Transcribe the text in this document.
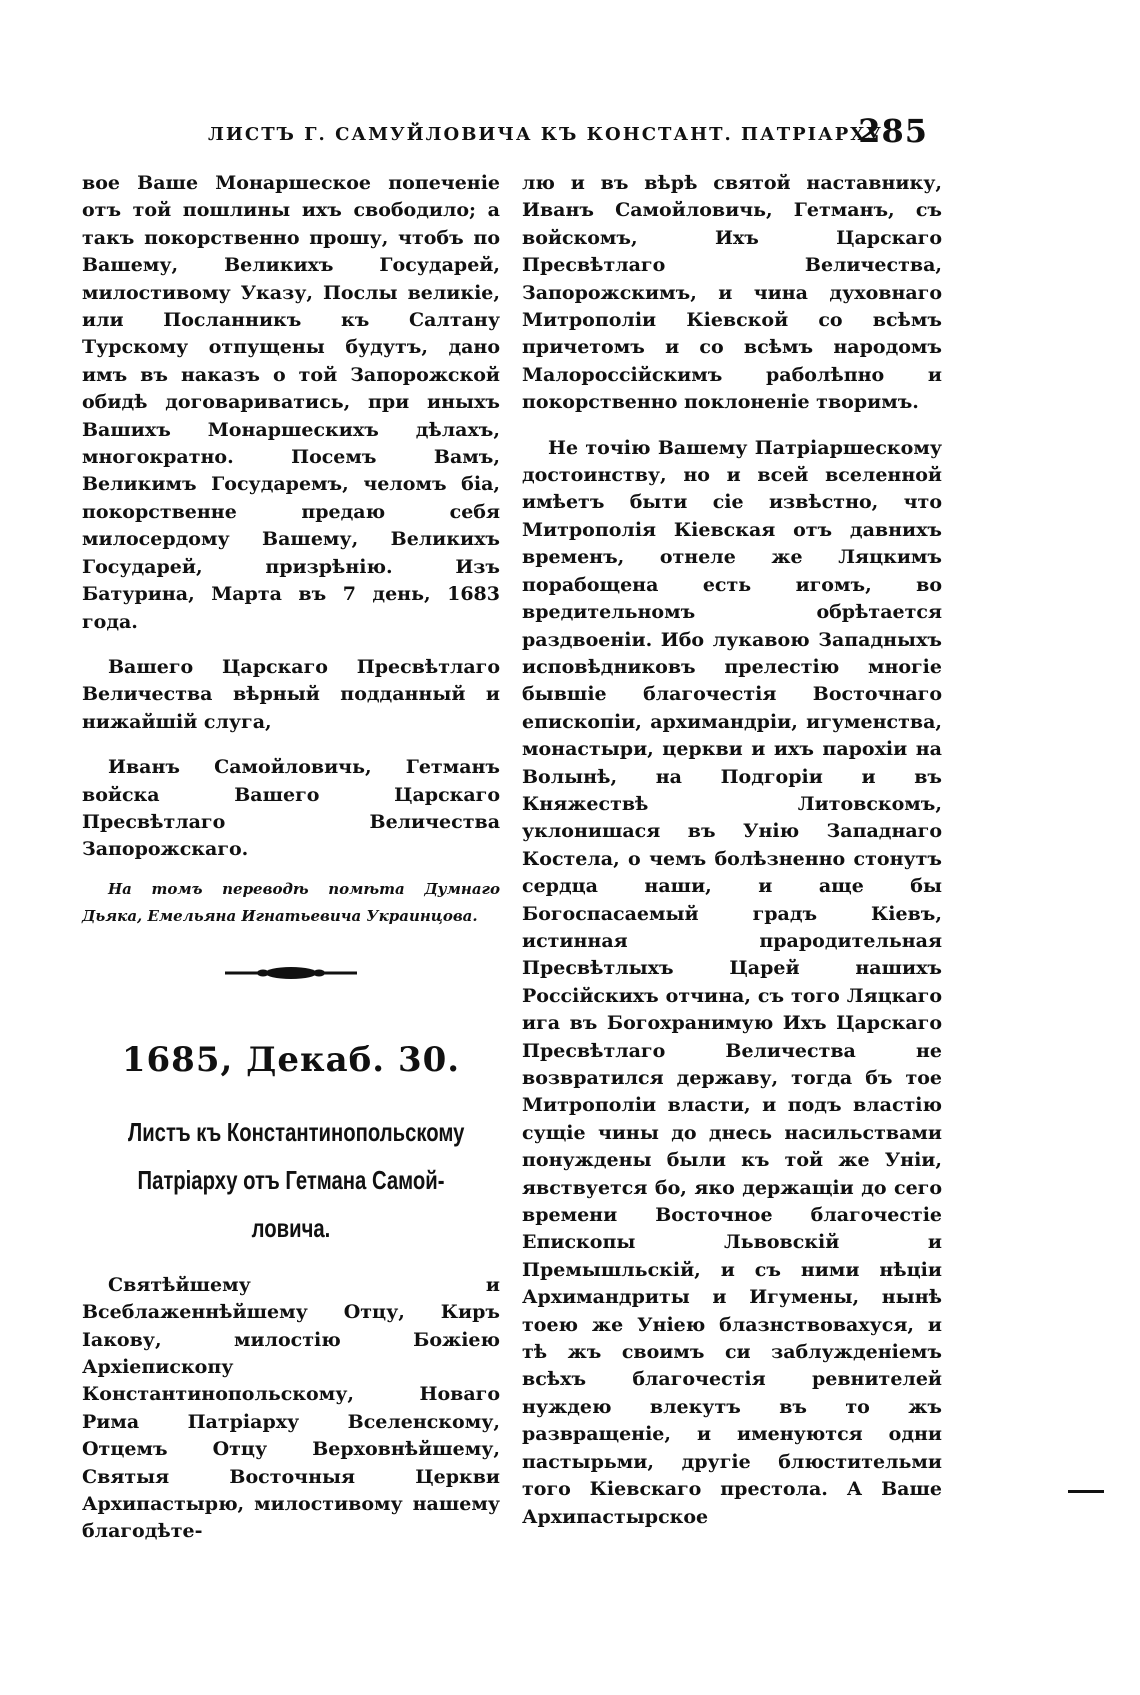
ЛИСТЪ Г. САМУЙЛОВИЧА КЪ КОНСТАНТ. ПАТРІАРХУ.
285

вое Ваше Монаршеское попеченіе отъ той пошлины ихъ свободило; а такъ покорственно прошу, чтобъ по Вашему, Великихъ Государей, милостивому Указу, Послы великіе, или Посланникъ къ Салтану Турскому отпущены будутъ, дано имъ въ наказъ о той Запорожской обидѣ договариватись, при иныхъ Вашихъ Монаршескихъ дѣлахъ, многократно. Посемъ Вамъ, Великимъ Государемъ, челомъ біа, покорственне предаю себя милосердому Вашему, Великихъ Государей, призрѣнію. Изъ Батурина, Марта въ 7 день, 1683 года.

Вашего Царскаго Пресвѣтлаго Величества вѣрный подданный и нижайшій слуга,

Иванъ Самойловичь, Гетманъ войска Вашего Царскаго Пресвѣтлаго Величества Запорожскаго.

На томъ переводѣ помѣта Думнаго Дьяка, Емельяна Игнатьевича Украинцова.

1685, Декаб. 30.

Листъ къ Константинопольскому
Патріарху отъ Гетмана Самой-
ловича.

Святѣйшему и Всеблаженнѣйшему Отцу, Киръ Іакову, милостію Божіею Архіепископу Константинопольскому, Новаго Рима Патріарху Вселенскому, Отцемъ Отцу Верховнѣйшему, Святыя Восточныя Церкви Архипастырю, милостивому нашему благодѣте-

лю и въ вѣрѣ святой наставнику, Иванъ Самойловичь, Гетманъ, съ войскомъ, Ихъ Царскаго Пресвѣтлаго Величества, Запорожскимъ, и чина духовнаго Митрополіи Кіевской со всѣмъ причетомъ и со всѣмъ народомъ Малороссійскимъ раболѣпно и покорственно поклоненіе творимъ.

Не точію Вашему Патріаршескому достоинству, но и всей вселенной имѣетъ быти сіе извѣстно, что Митрополія Кіевская отъ давнихъ временъ, отнеле же Ляцкимъ порабощена есть игомъ, во вредительномъ обрѣтается раздвоеніи. Ибо лукавою Западныхъ исповѣдниковъ прелестію многіе бывшіе благочестія Восточнаго епископіи, архимандріи, игуменства, монастыри, церкви и ихъ парохіи на Волынѣ, на Подгоріи и въ Княжествѣ Литовскомъ, уклонишася въ Унію Западнаго Костела, о чемъ болѣзненно стонутъ сердца наши, и аще бы Богоспасаемый градъ Кіевъ, истинная прародительная Пресвѣтлыхъ Царей нашихъ Россійскихъ отчина, съ того Ляцкаго ига въ Богохранимую Ихъ Царскаго Пресвѣтлаго Величества не возвратился державу, тогда бъ тое Митрополіи власти, и подъ властію сущіе чины до днесь насильствами понуждены были къ той же Уніи, явствуется бо, яко держащіи до сего времени Восточное благочестіе Епископы Львовскій и Премышльскій, и съ ними нѣціи Архимандриты и Игумены, нынѣ тоею же Уніею блазнствовахуся, и тѣ жъ своимъ си заблужденіемъ всѣхъ благочестія ревнителей нуждею влекутъ въ то жъ развращеніе, и именуются одни пастырьми, другіе блюстительми того Кіевскаго престола. А Ваше Архипастырское
